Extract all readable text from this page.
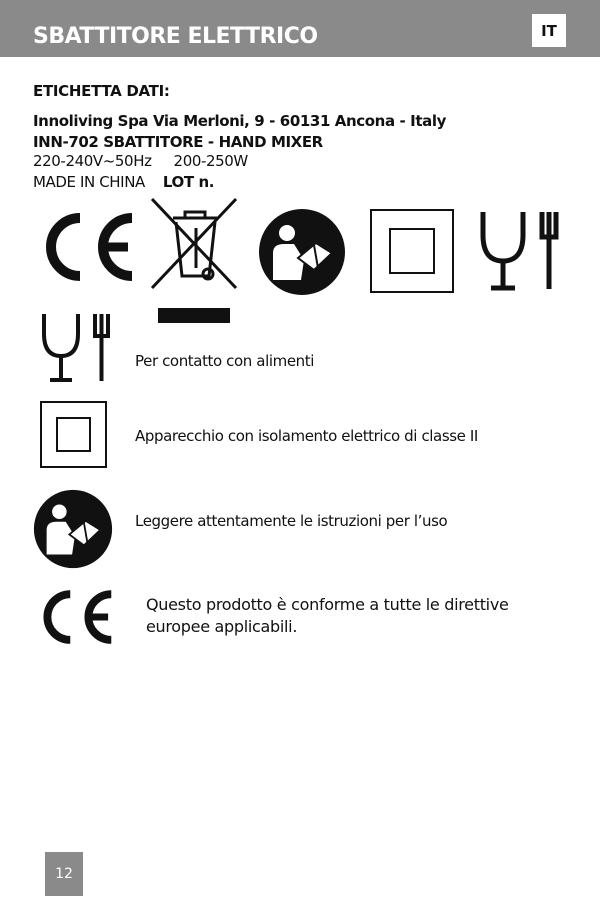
SBATTITORE ELETTRICO	IT
ETICHETTA DATI:
Innoliving Spa Via Merloni, 9 - 60131 Ancona - Italy
INN-702 SBATTITORE - HAND MIXER
220-240V~50Hz 200-250W
MADE IN CHINA LOT n.
Per contatto con alimenti
Apparecchio con isolamento elettrico di classe II
Leggere attentamente le istruzioni per l’uso
Questo prodotto è conforme a tutte le direttive
europee applicabili.
12
